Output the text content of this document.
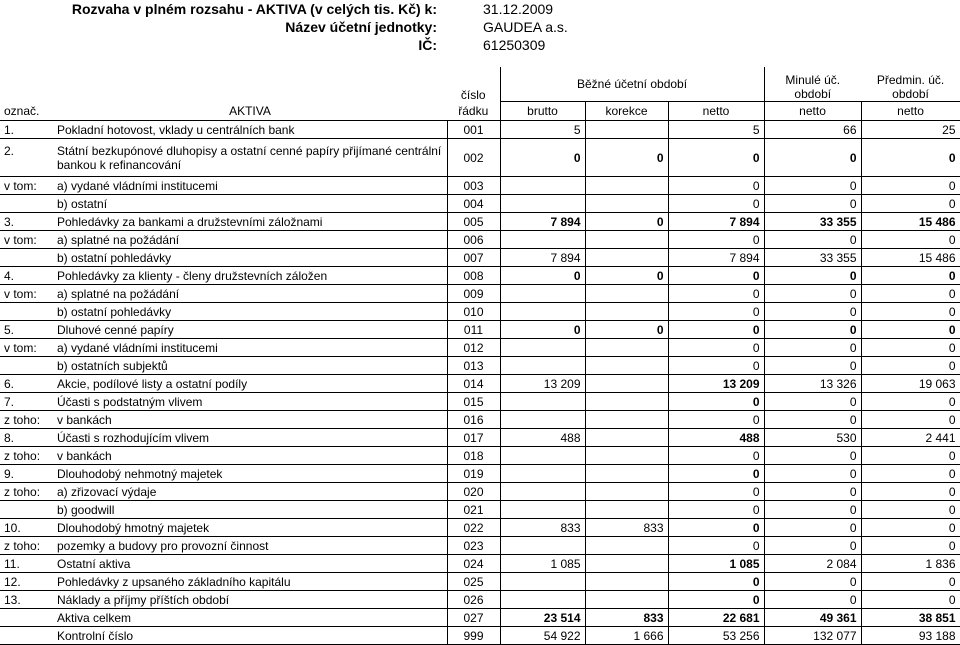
Rozvaha v plném rozsahu - AKTIVA (v celých tis. Kč) k:	31.12.2009
Název účetní jednotky:	GAUDEA a.s.
IČ:	61250309
			Běžné účetní období			Minulé úč.	Předmin. úč.
		číslo				období	období
označ.	AKTIVA	řádku	brutto	korekce	netto	netto	netto
1.	Pokladní hotovost, vklady u centrálních bank	001	5		5	66	25
2.	Státní bezkupónové dluhopisy a ostatní cenné papíry přijímané centrální bankou k refinancování	002	0	0	0	0	0
v tom:	a) vydané vládními institucemi	003			0	0	0
	b) ostatní	004			0	0	0
3.	Pohledávky za bankami a družstevními záložnami	005	7 894	0	7 894	33 355	15 486
v tom:	a) splatné na požádání	006			0	0	0
	b) ostatní pohledávky	007	7 894		7 894	33 355	15 486
4.	Pohledávky za klienty - členy družstevních záložen	008	0	0	0	0	0
v tom:	a) splatné na požádání	009			0	0	0
	b) ostatní pohledávky	010			0	0	0
5.	Dluhové cenné papíry	011	0	0	0	0	0
v tom:	a) vydané vládními institucemi	012			0	0	0
	b) ostatních subjektů	013			0	0	0
6.	Akcie, podílové listy a ostatní podíly	014	13 209		13 209	13 326	19 063
7.	Účasti s podstatným vlivem	015			0	0	0
z toho:	v bankách	016			0	0	0
8.	Účasti s rozhodujícím vlivem	017	488		488	530	2 441
z toho:	v bankách	018			0	0	0
9.	Dlouhodobý nehmotný majetek	019			0	0	0
z toho:	a) zřizovací výdaje	020			0	0	0
	b) goodwill	021			0	0	0
10.	Dlouhodobý hmotný majetek	022	833	833	0	0	0
z toho:	pozemky a budovy pro provozní činnost	023			0	0	0
11.	Ostatní aktiva	024	1 085		1 085	2 084	1 836
12.	Pohledávky z upsaného základního kapitálu	025			0	0	0
13.	Náklady a příjmy příštích období	026			0	0	0
	Aktiva celkem	027	23 514	833	22 681	49 361	38 851
	Kontrolní číslo	999	54 922	1 666	53 256	132 077	93 188
